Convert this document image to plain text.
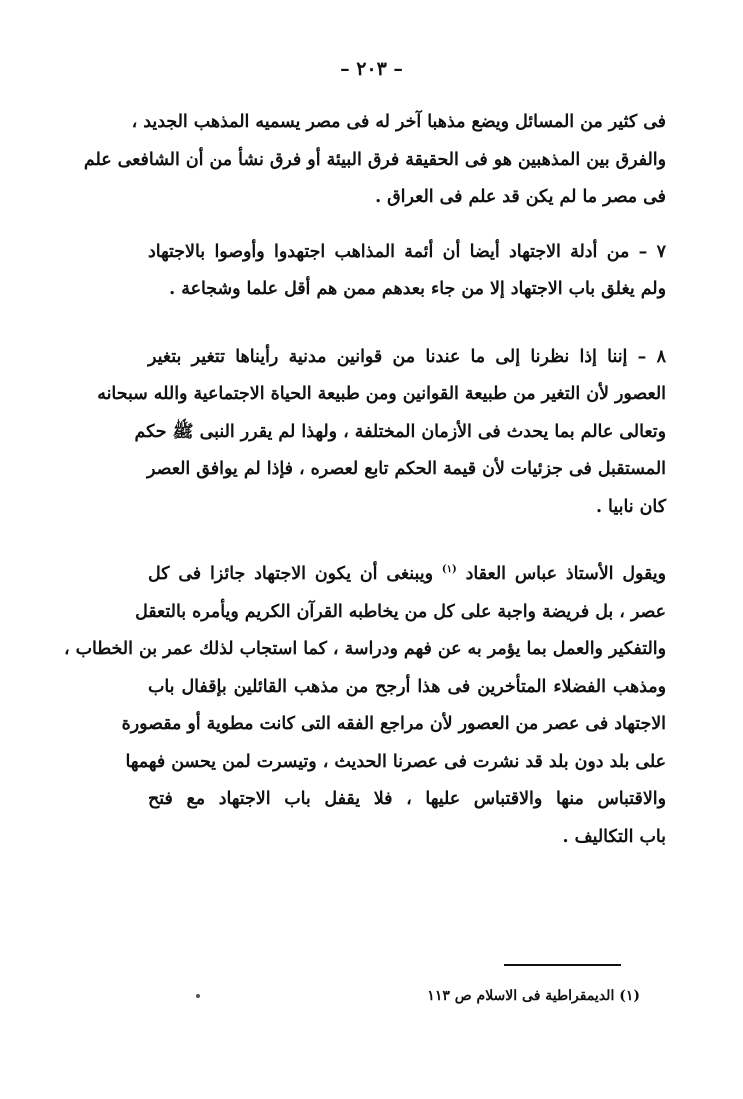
– ٢٠٣ –
فى كثير من المسائل ويضع مذهبا آخر له فى مصر يسميه المذهب الجديد ،
والفرق بين المذهبين هو فى الحقيقة فرق البيئة أو فرق نشأ من أن الشافعى علم
فى مصر ما لم يكن قد علم فى العراق .
٧ – من أدلة الاجتهاد أيضا أن أئمة المذاهب اجتهدوا وأوصوا بالاجتهاد
ولم يغلق باب الاجتهاد إلا من جاء بعدهم ممن هم أقل علما وشجاعة .
٨ – إننا إذا نظرنا إلى ما عندنا من قوانين مدنية رأيناها تتغير بتغير
العصور لأن التغير من طبيعة القوانين ومن طبيعة الحياة الاجتماعية والله سبحانه
وتعالى عالم بما يحدث فى الأزمان المختلفة ، ولهذا لم يقرر النبى ﷺ حكم
المستقبل فى جزئيات لأن قيمة الحكم تابع لعصره ، فإذا لم يوافق العصر
كان نابيا .
ويقول الأستاذ عباس العقاد $^{(١)}$ ويبنغى أن يكون الاجتهاد جائزا فى كل
عصر ، بل فريضة واجبة على كل من يخاطبه القرآن الكريم ويأمره بالتعقل
والتفكير والعمل بما يؤمر به عن فهم ودراسة ، كما استجاب لذلك عمر بن الخطاب ،
ومذهب الفضلاء المتأخرين فى هذا أرجح من مذهب القائلين بإقفال باب
الاجتهاد فى عصر من العصور لأن مراجع الفقه التى كانت مطوية أو مقصورة
على بلد دون بلد قد نشرت فى عصرنا الحديث ، وتيسرت لمن يحسن فهمها
والاقتباس منها والاقتباس عليها ، فلا يقفل باب الاجتهاد مع فتح
باب التكاليف .
(١) الديمقراطية فى الاسلام ص ١١٣
